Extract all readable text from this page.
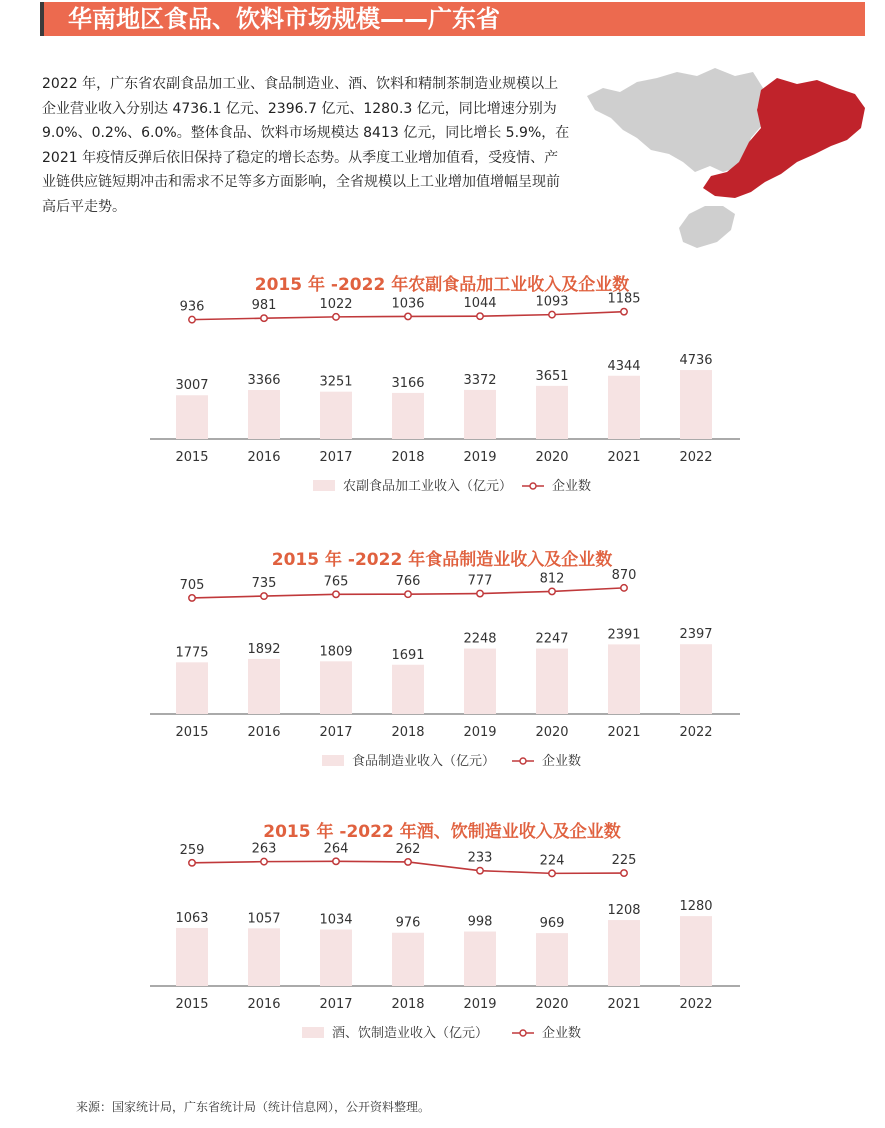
华南地区食品、饮料市场规模——广东省
2022 年，广东省农副食品加工业、食品制造业、酒、饮料和精制茶制造业规模以上企业营业收入分别达 4736.1 亿元、2396.7 亿元、1280.3 亿元，同比增速分别为 9.0%、0.2%、6.0%。整体食品、饮料市场规模达 8413 亿元，同比增长 5.9%，在 2021 年疫情反弹后依旧保持了稳定的增长态势。从季度工业增加值看，受疫情、产业链供应链短期冲击和需求不足等多方面影响，全省规模以上工业增加值增幅呈现前高后平走势。
2015 年 -2022 年农副食品加工业收入及企业数
3007	3366	3251	3166	3372	3651
4344	4736
2015	2016	2017	2018	2019	2020	2021	2022
936	981	1022	1036	1044	1093	1185
农副食品加工业收入（亿元）	企业数
2015 年 -2022 年食品制造业收入及企业数
1775	1892	1809	1691
2248	2247	2391	2397
2015	2016	2017	2018	2019	2020	2021	2022
705	735	765	766	777	812	870
食品制造业收入（亿元）	企业数
2015 年 -2022 年酒、饮制造业收入及企业数
1063	1057	1034	976	998	969
1208	1280
2015	2016	2017	2018	2019	2020	2021	2022
259	263	264	262
233	224	225
酒、饮制造业收入（亿元）	企业数
来源：国家统计局，广东省统计局（统计信息网），公开资料整理。
